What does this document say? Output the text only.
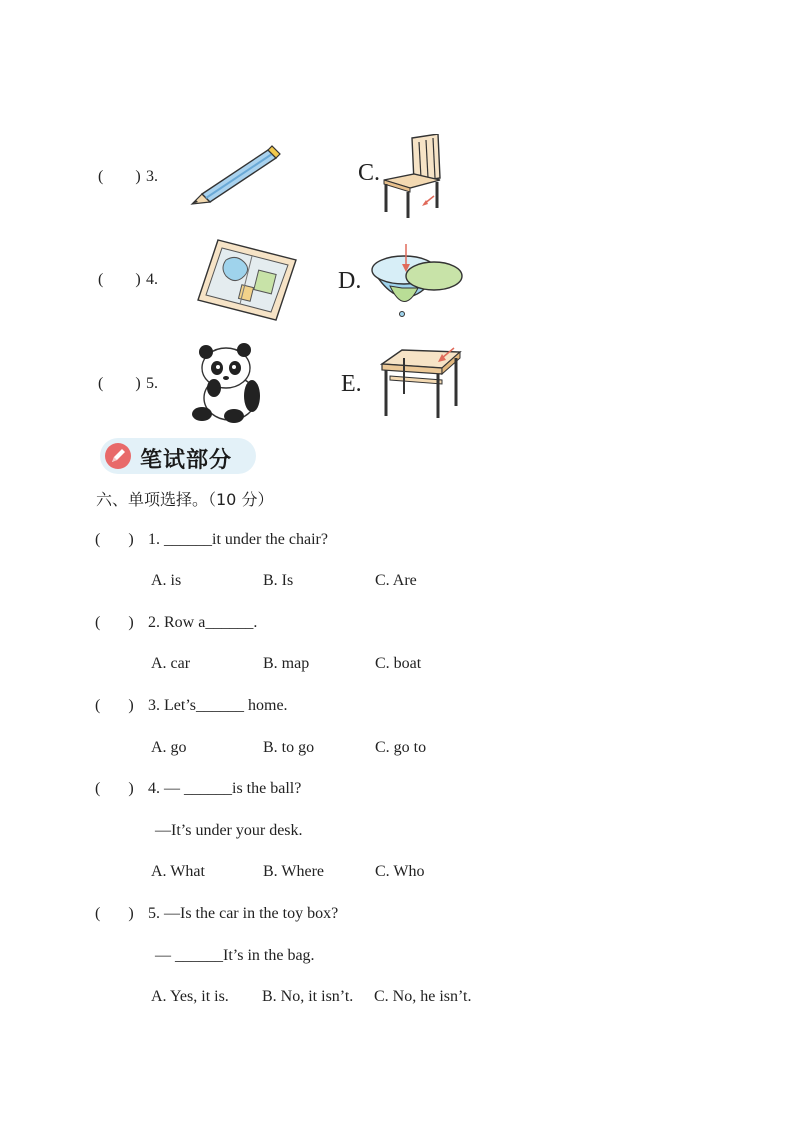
(        ) 3.	C.
(        ) 4.	D.
(        ) 5.	E.
笔试部分
六、单项选择。（10 分）
(       ) 1. ______it under the chair?
A. is	B. Is	C. Are
(       ) 2. Row a______.
A. car	B. map	C. boat
(       ) 3. Let’s______ home.
A. go	B. to go	C. go to
(       ) 4. — ______is the ball?
—It’s under your desk.
A. What	B. Where	C. Who
(       ) 5. —Is the car in the toy box?
— ______It’s in the bag.
A. Yes, it is. B. No, it isn’t. C. No, he isn’t.
